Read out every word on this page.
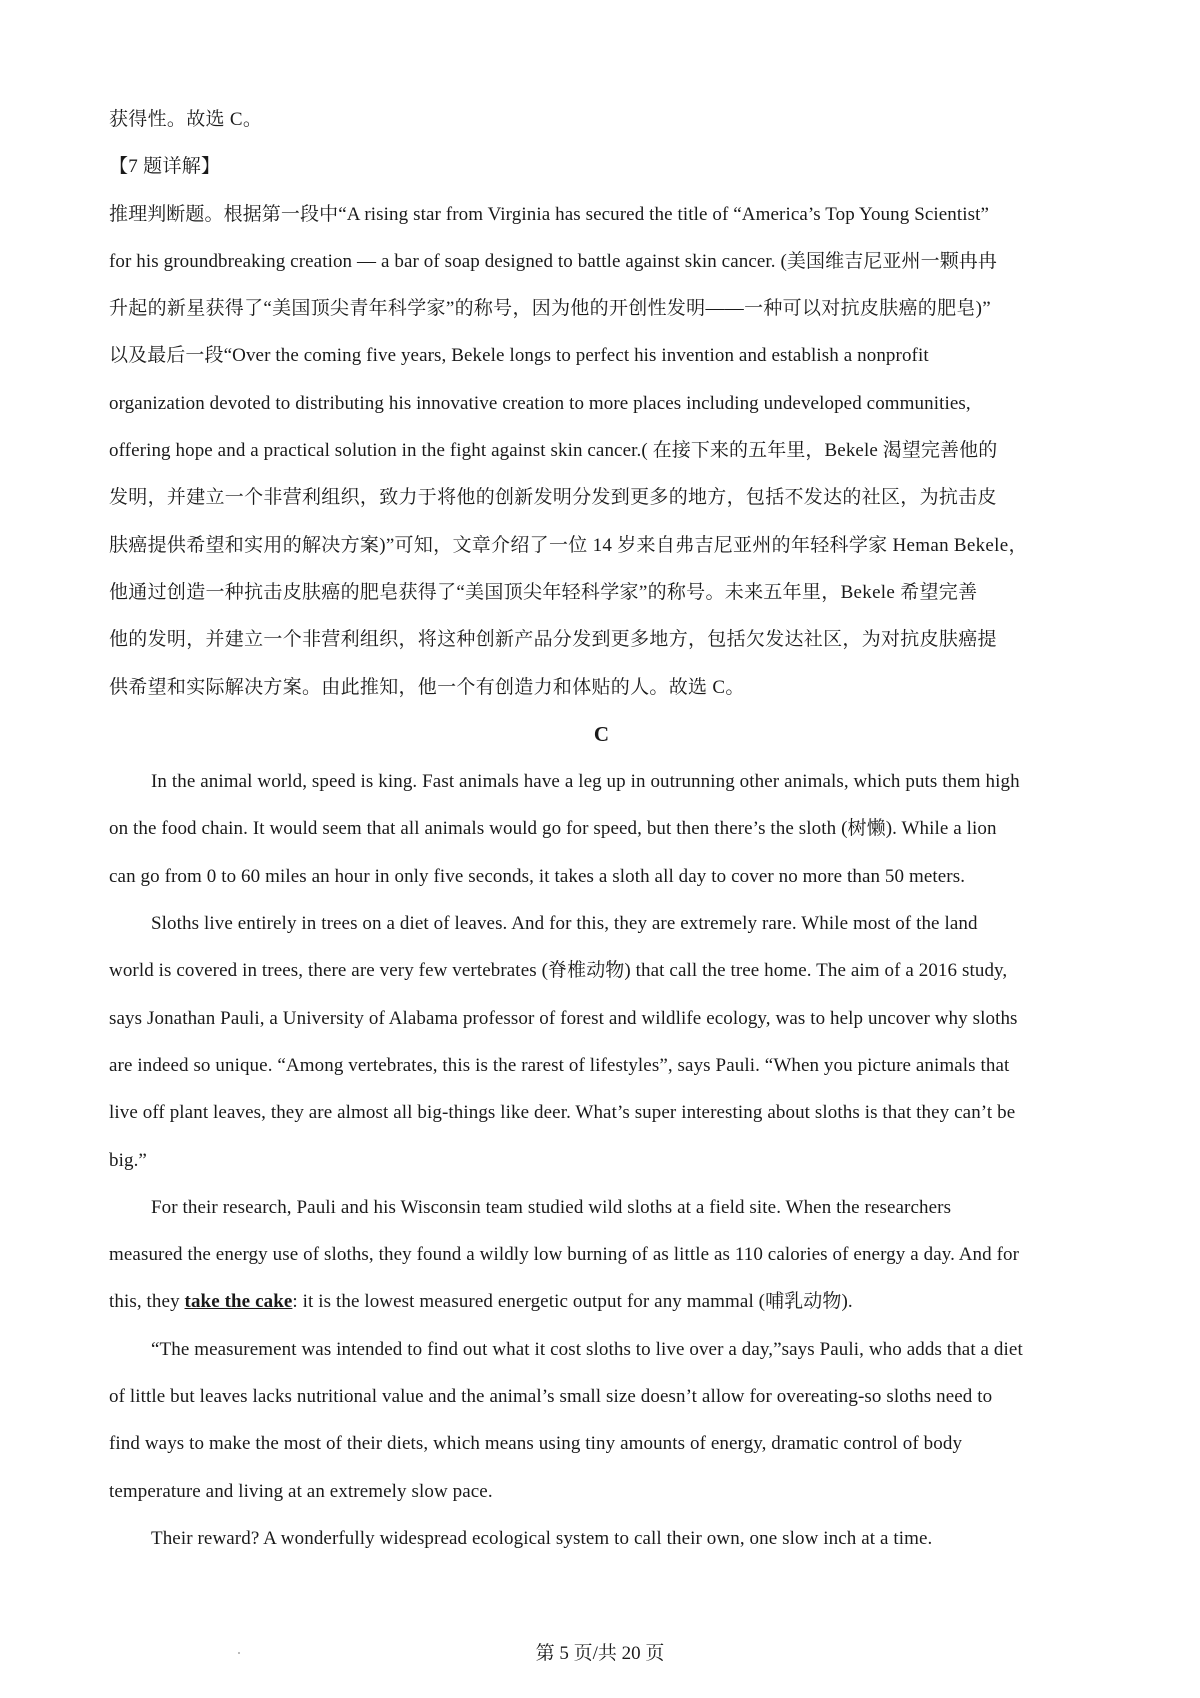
获得性。故选 C。
【7 题详解】
推理判断题。根据第一段中“A rising star from Virginia has secured the title of “America’s Top Young Scientist”
for his groundbreaking creation — a bar of soap designed to battle against skin cancer. (美国维吉尼亚州一颗冉冉
升起的新星获得了“美国顶尖青年科学家”的称号，因为他的开创性发明——一种可以对抗皮肤癌的肥皂)”
以及最后一段“Over the coming five years, Bekele longs to perfect his invention and establish a nonprofit
organization devoted to distributing his innovative creation to more places including undeveloped communities,
offering hope and a practical solution in the fight against skin cancer.( 在接下来的五年里，Bekele 渴望完善他的
发明，并建立一个非营利组织，致力于将他的创新发明分发到更多的地方，包括不发达的社区，为抗击皮
肤癌提供希望和实用的解决方案)”可知，文章介绍了一位 14 岁来自弗吉尼亚州的年轻科学家 Heman Bekele，
他通过创造一种抗击皮肤癌的肥皂获得了“美国顶尖年轻科学家”的称号。未来五年里，Bekele 希望完善
他的发明，并建立一个非营利组织，将这种创新产品分发到更多地方，包括欠发达社区，为对抗皮肤癌提
供希望和实际解决方案。由此推知，他一个有创造力和体贴的人。故选 C。
C
In the animal world, speed is king. Fast animals have a leg up in outrunning other animals, which puts them high
on the food chain. It would seem that all animals would go for speed, but then there’s the sloth (树懒). While a lion
can go from 0 to 60 miles an hour in only five seconds, it takes a sloth all day to cover no more than 50 meters.
Sloths live entirely in trees on a diet of leaves. And for this, they are extremely rare. While most of the land
world is covered in trees, there are very few vertebrates (脊椎动物) that call the tree home. The aim of a 2016 study,
says Jonathan Pauli, a University of Alabama professor of forest and wildlife ecology, was to help uncover why sloths
are indeed so unique. “Among vertebrates, this is the rarest of lifestyles”, says Pauli. “When you picture animals that
live off plant leaves, they are almost all big-things like deer. What’s super interesting about sloths is that they can’t be
big.”
For their research, Pauli and his Wisconsin team studied wild sloths at a field site. When the researchers
measured the energy use of sloths, they found a wildly low burning of as little as 110 calories of energy a day. And for
this, they take the cake: it is the lowest measured energetic output for any mammal (哺乳动物).
“The measurement was intended to find out what it cost sloths to live over a day,”says Pauli, who adds that a diet
of little but leaves lacks nutritional value and the animal’s small size doesn’t allow for overeating-so sloths need to
find ways to make the most of their diets, which means using tiny amounts of energy, dramatic control of body
temperature and living at an extremely slow pace.
Their reward? A wonderfully widespread ecological system to call their own, one slow inch at a time.
第 5 页/共 20 页
